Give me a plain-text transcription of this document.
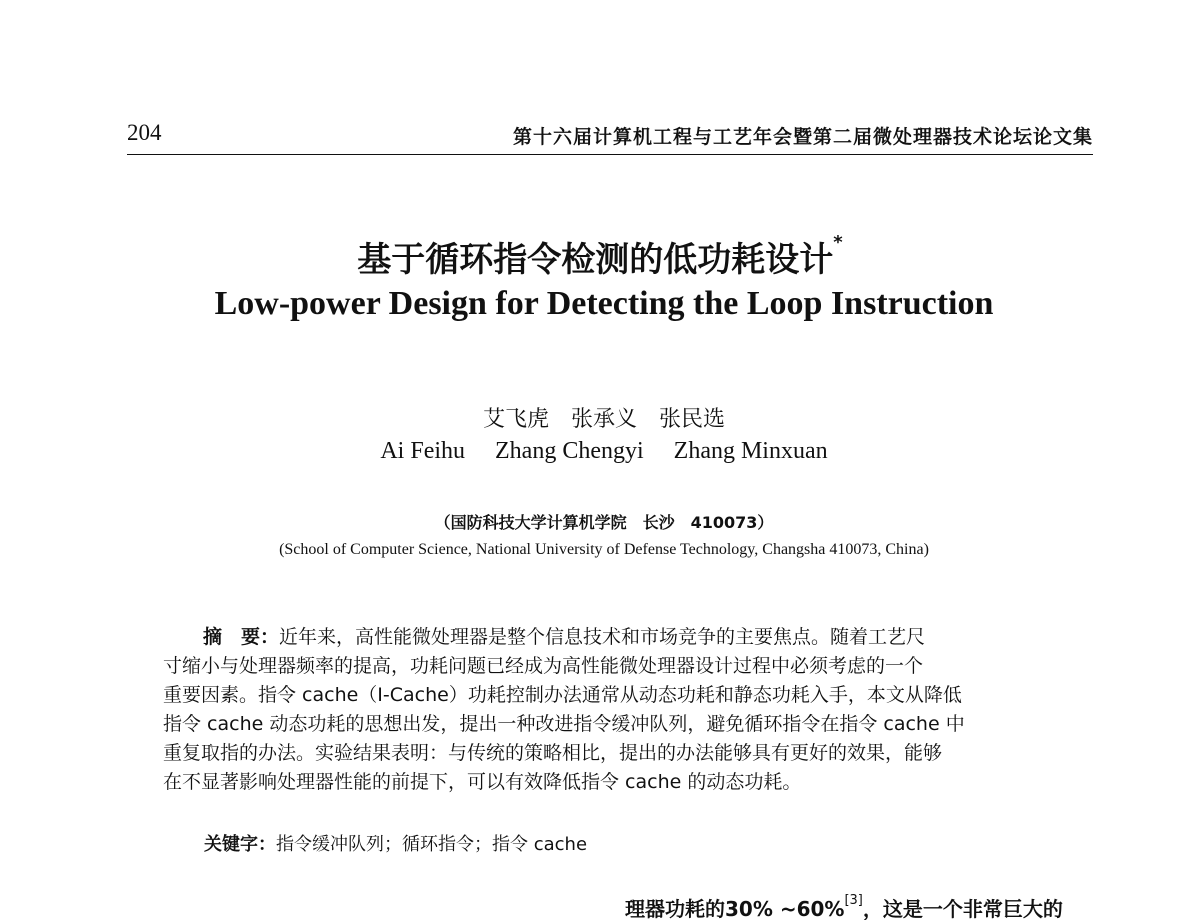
204	第十六届计算机工程与工艺年会暨第二届微处理器技术论坛论文集
基于循环指令检测的低功耗设计*
Low-power Design for Detecting the Loop Instruction
艾飞虎　张承义　张民选
Ai Feihu Zhang Chengyi Zhang Minxuan
（国防科技大学计算机学院　长沙　410073）
(School of Computer Science, National University of Defense Technology, Changsha 410073, China)
摘　要：近年来，高性能微处理器是整个信息技术和市场竞争的主要焦点。随着工艺尺
寸缩小与处理器频率的提高，功耗问题已经成为高性能微处理器设计过程中必须考虑的一个
重要因素。指令 cache（I-Cache）功耗控制办法通常从动态功耗和静态功耗入手，本文从降低
指令 cache 动态功耗的思想出发，提出一种改进指令缓冲队列，避免循环指令在指令 cache 中
重复取指的办法。实验结果表明：与传统的策略相比，提出的办法能够具有更好的效果，能够
在不显著影响处理器性能的前提下，可以有效降低指令 cache 的动态功耗。
关键字：指令缓冲队列；循环指令；指令 cache
理器功耗的30% ~60%[3]，这是一个非常巨大的
